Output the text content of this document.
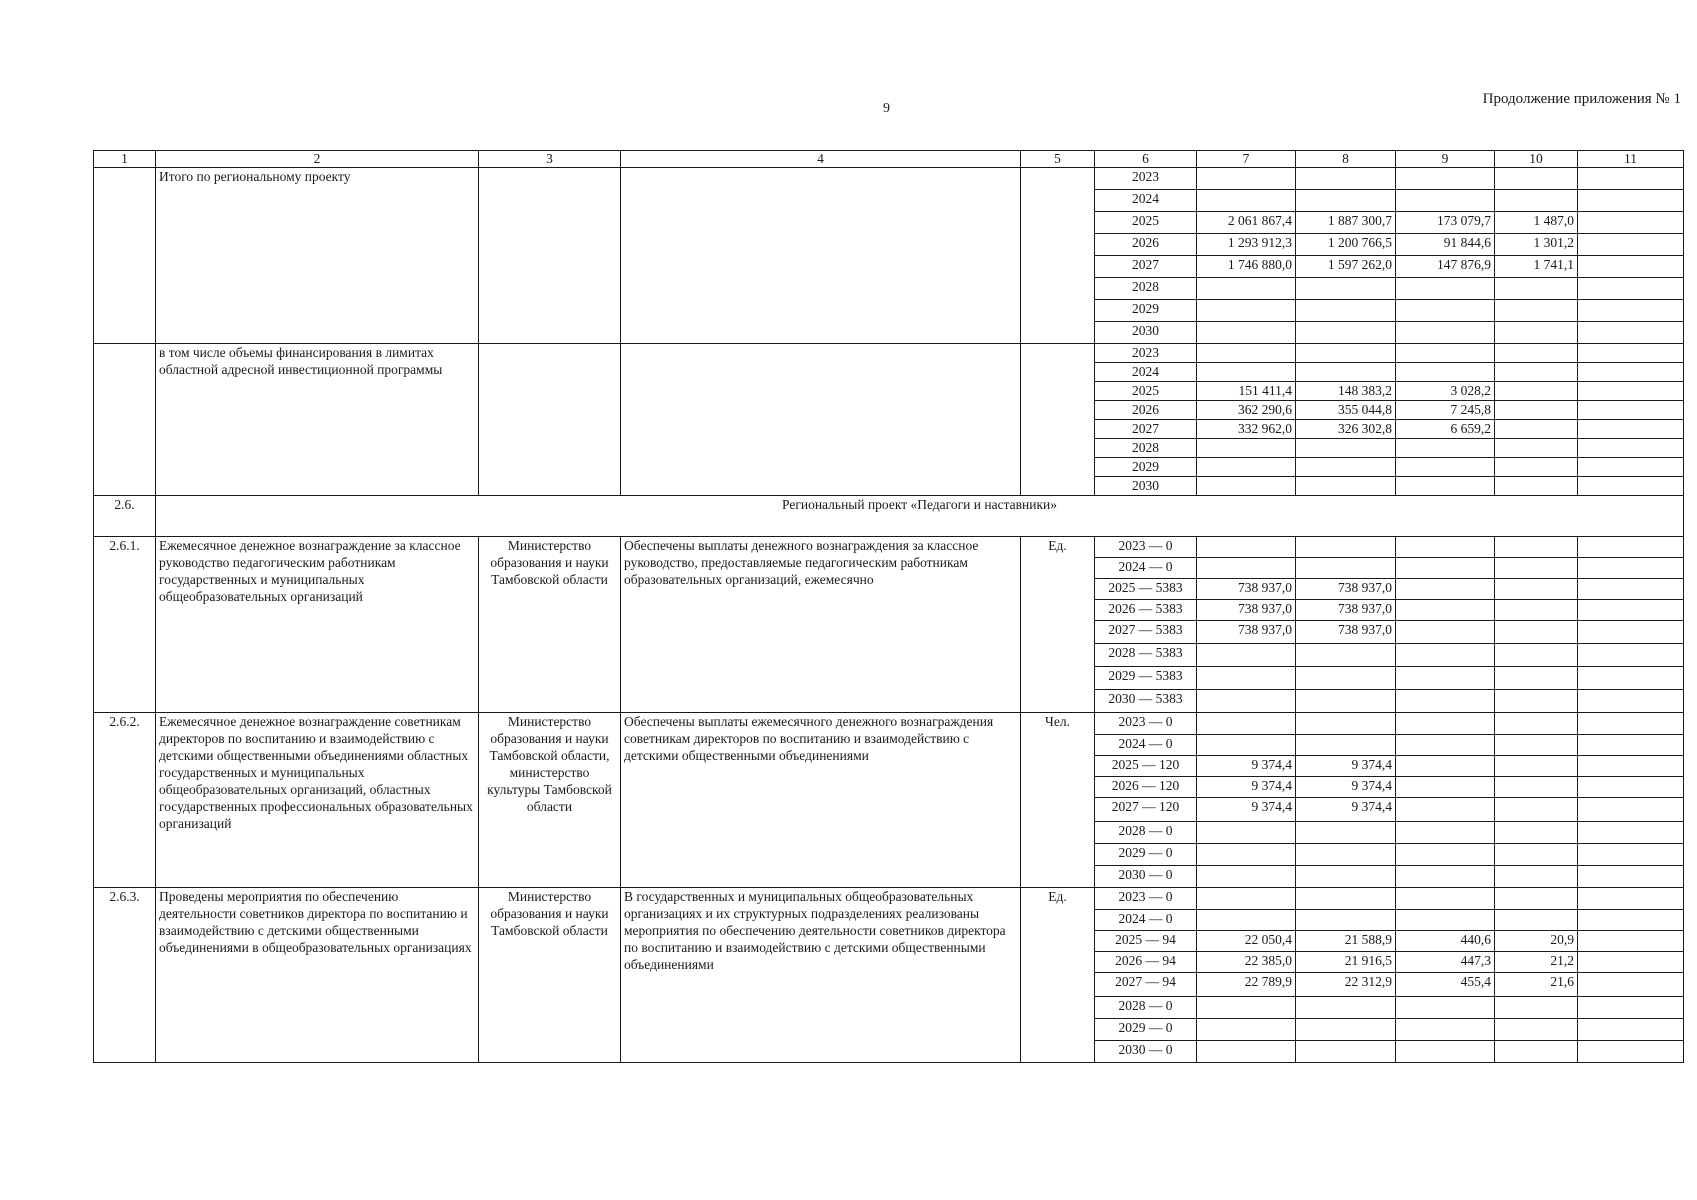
9
Продолжение приложения № 1
1	2	3	4	5	6	7	8	9	10	11
	Итого по региональному проекту				2023					
					2024					
					2025	2 061 867,4	1 887 300,7	173 079,7	1 487,0	
					2026	1 293 912,3	1 200 766,5	91 844,6	1 301,2	
					2027	1 746 880,0	1 597 262,0	147 876,9	1 741,1	
					2028					
					2029					
					2030					
	в том числе объемы финансирования в лимитах областной адресной инвестиционной программы				2023					
					2024					
					2025	151 411,4	148 383,2	3 028,2		
					2026	362 290,6	355 044,8	7 245,8		
					2027	332 962,0	326 302,8	6 659,2		
					2028					
					2029					
					2030					
2.6.	Региональный проект «Педагоги и наставники»									
2.6.1.	Ежемесячное денежное вознаграждение за классное руководство педагогическим работникам государственных и муниципальных общеобразовательных организаций	Министерство образования и науки Тамбовской области	Обеспечены выплаты денежного вознаграждения за классное руководство, предоставляемые педагогическим работникам образовательных организаций, ежемесячно	Ед.	2023 — 0					
					2024 — 0					
					2025 — 5383	738 937,0	738 937,0			
					2026 — 5383	738 937,0	738 937,0			
					2027 — 5383	738 937,0	738 937,0			
					2028 — 5383					
					2029 — 5383					
					2030 — 5383					
2.6.2.	Ежемесячное денежное вознаграждение советникам директоров по воспитанию и взаимодействию с детскими общественными объединениями областных государственных и муниципальных общеобразовательных организаций, областных государственных профессиональных образовательных организаций	Министерство образования и науки Тамбовской области, министерство культуры Тамбовской области	Обеспечены выплаты ежемесячного денежного вознаграждения советникам директоров по воспитанию и взаимодействию с детскими общественными объединениями	Чел.	2023 — 0					
					2024 — 0					
					2025 — 120	9 374,4	9 374,4			
					2026 — 120	9 374,4	9 374,4			
					2027 — 120	9 374,4	9 374,4			
					2028 — 0					
					2029 — 0					
					2030 — 0					
2.6.3.	Проведены мероприятия по обеспечению деятельности советников директора по воспитанию и взаимодействию с детскими общественными объединениями в общеобразовательных организациях	Министерство образования и науки Тамбовской области	В государственных и муниципальных общеобразовательных организациях и их структурных подразделениях реализованы мероприятия по обеспечению деятельности советников директора по воспитанию и взаимодействию с детскими общественными объединениями	Ед.	2023 — 0					
					2024 — 0					
					2025 — 94	22 050,4	21 588,9	440,6	20,9	
					2026 — 94	22 385,0	21 916,5	447,3	21,2	
					2027 — 94	22 789,9	22 312,9	455,4	21,6	
					2028 — 0					
					2029 — 0					
					2030 — 0					
